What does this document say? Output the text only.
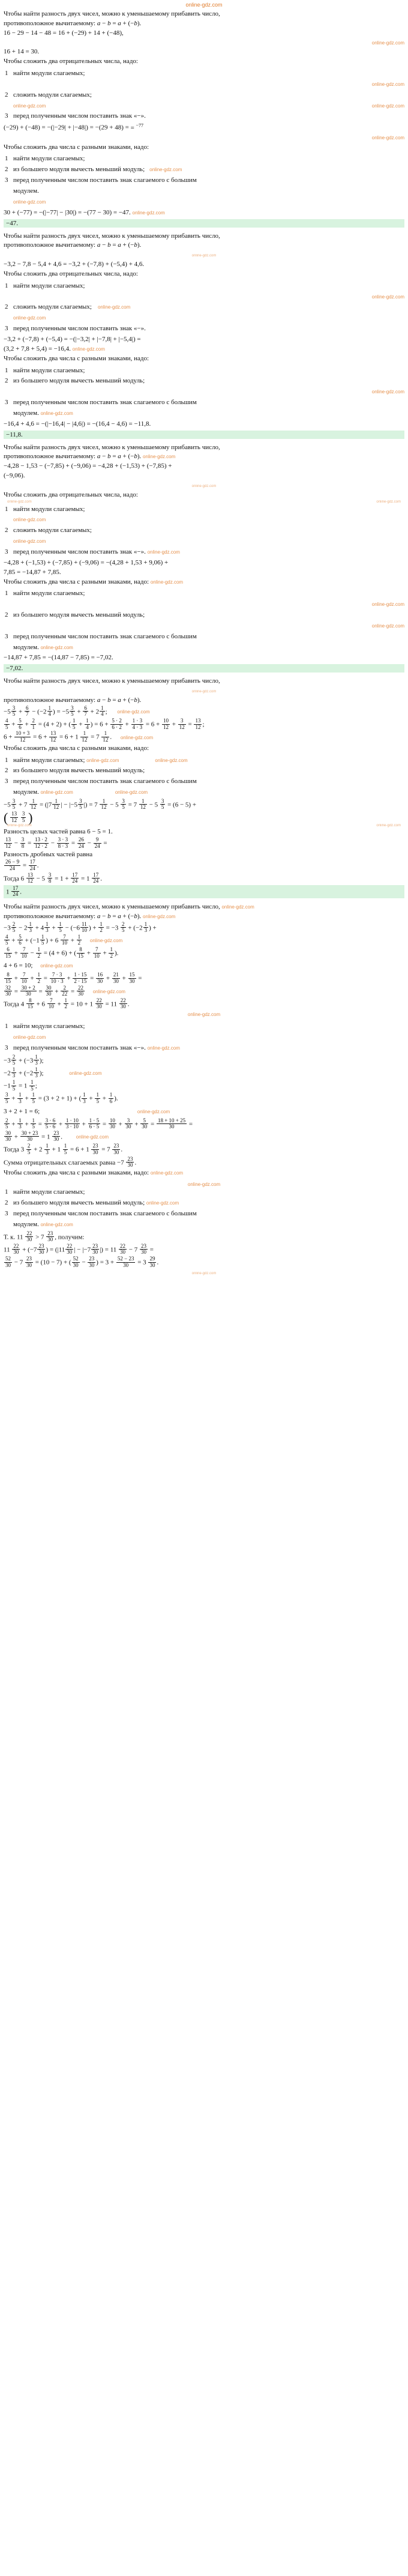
online-gdz.com

Чтобы найти разность двух чисел, можно к уменьшаемому прибавить число,

противоположное вычитаемому: a − b = a + (−b).

16 − 29 − 14 − 48 = 16 + (−29) + 14 + (−48),

online-gdz.com

16 + 14 = 30.

Чтобы сложить два отрицательных числа, надо:

1 найти модули слагаемых;
online-gdz.com
2 сложить модули слагаемых;
online-gdz.com	online-gdz.com
3 перед полученным числом поставить знак «−».

(−29) + (−48) = −(|−29| + |−48|) = −(29 + 48) = = $^{-77}$

online-gdz.com

Чтобы сложить два числа с разными знаками, надо:

1 найти модули слагаемых;
2 из большего модуля вычесть меньший модуль; online-gdz.com
3 перед полученным числом поставить знак слагаемого с большим
модулем.
online-gdz.com

30 + (−77) = −(|−77| − |30|) = −(77 − 30) = −47. online-gdz.com

−47.

Чтобы найти разность двух чисел, можно к уменьшаемому прибавить число,

противоположное вычитаемому: a − b = a + (−b).

online-gdz.com

−3,2 − 7,8 − 5,4 + 4,6 = −3,2 + (−7,8) + (−5,4) + 4,6.

Чтобы сложить два отрицательных числа, надо:

1 найти модули слагаемых;
online-gdz.com
2 сложить модули слагаемых; online-gdz.com
online-gdz.com
3 перед полученным числом поставить знак «−».

−3,2 + (−7,8) + (−5,4) = −(|−3,2| + |−7,8| + |−5,4|) =

(3,2 + 7,8 + 5,4) = −16,4. online-gdz.com

Чтобы сложить два числа с разными знаками, надо:

1 найти модули слагаемых;
2 из большего модуля вычесть меньший модуль;
online-gdz.com
3 перед полученным числом поставить знак слагаемого с большим
модулем. online-gdz.com

−16,4 + 4,6 = −(|−16,4| − |4,6|) = −(16,4 − 4,6) = −11,8.

−11,8.

Чтобы найти разность двух чисел, можно к уменьшаемому прибавить число,

противоположное вычитаемому: a − b = a + (−b). online-gdz.com

−4,28 − 1,53 − (−7,85) + (−9,06) = −4,28 + (−1,53) + (−7,85) +

(−9,06).

online-gdz.com

Чтобы сложить два отрицательных числа, надо:

online-gdz.com	online-gdz.com
1 найти модули слагаемых;
online-gdz.com
2 сложить модули слагаемых;
online-gdz.com
3 перед полученным числом поставить знак «−». online-gdz.com

−4,28 + (−1,53) + (−7,85) + (−9,06) = −(4,28 + 1,53 + 9,06) +

7,85 = −14,87 + 7,85.

Чтобы сложить два числа с разными знаками, надо: online-gdz.com

1 найти модули слагаемых;
online-gdz.com
2 из большего модуля вычесть меньший модуль;
online-gdz.com
3 перед полученным числом поставить знак слагаемого с большим
модулем. online-gdz.com

−14,87 + 7,85 = −(14,87 − 7,85) = −7,02.

−7,02.

Чтобы найти разность двух чисел, можно к уменьшаемому прибавить число,

online-gdz.com

противоположное вычитаемому: a − b = a + (−b).

$-5 \frac{3}{5} + \frac{6}{7} - (-2 \frac{1}{4}$ ) = $-5 \frac{3}{5} + \frac{6}{7} + 2 \frac{1}{4}$ ; online-gdz.com
$\frac{4}{5} + \frac{5}{6} + \frac{2}{1} = (4 + 2)$ + ( $\frac{1}{5} + \frac{1}{4}$ ) = $6 + \frac{5 \cdot 2}{6 \cdot 2} + \frac{1 \cdot 3}{4 \cdot 3} = 6 + \frac{10}{12} + \frac{3}{12} = \frac{13}{12}$ ;
$6 + \frac{10 + 3}{12} = 6 + \frac{13}{12} = 6 + 1 \frac{1}{12} = 7 \frac{1}{12}$ . online-gdz.com

Чтобы сложить два числа с разными знаками, надо:

1 найти модули слагаемых; online-gdz.com	online-gdz.com
2 из большего модуля вычесть меньший модуль;
3 перед полученным числом поставить знак слагаемого с большим
модулем. online-gdz.com	online-gdz.com
$-5 \frac{3}{5} + 7 \frac{1}{12} = (|7 \frac{1}{12}$ | − $|-5 \frac{3}{5}$ |) = $7 \frac{1}{12} - 5 \frac{3}{5} = 7 \frac{1}{12} - 5 \frac{3}{5} = (6 - 5)$ +
( $\frac{13}{12}$
$\frac{3}{5}$ )
online-gdz.com	online-gdz.com

Разность целых частей равна 6 − 5 = 1.

$\frac{13}{12} - \frac{3}{8} = \frac{13 \cdot 2}{12 \cdot 2} - \frac{3 \cdot 3}{8 \cdot 3} = \frac{26}{24} - \frac{9}{24}$ =

Разность дробных частей равна

$\frac{26 - 9}{24} = \frac{17}{24}$ .
Тогда $6 \frac{13}{12} - 5 \frac{3}{8} = 1 + \frac{17}{24} = 1 \frac{17}{24}$ .
$1 \frac{17}{24}$ .

Чтобы найти разность двух чисел, можно к уменьшаемому прибавить число, online-gdz.com

противоположное вычитаемому: a − b = a + (−b). online-gdz.com

$-3 \frac{2}{5} - 2 \frac{1}{3} + 4 \frac{1}{3} + \frac{1}{5} - (-6 \frac{11}{10}$ ) + $\frac{1}{2} = -3 \frac{2}{5} + (-2 \frac{1}{3}$ ) +
$\frac{4}{5} + \frac{5}{6} + (-1 \frac{1}{5}$ ) + $6 \frac{7}{10} + \frac{1}{2}$ online-gdz.com
$\frac{6}{15} + \frac{7}{10} - \frac{1}{2} = (4 + 6)$ + ( $\frac{8}{15} + \frac{7}{10} + \frac{1}{2}$ ).
4 + 6 = 10; online-gdz.com
$\frac{8}{15} + \frac{7}{10} + \frac{1}{2} = \frac{7 \cdot 3}{10 \cdot 3} + \frac{1 \cdot 15}{2 \cdot 15} = \frac{16}{30} + \frac{21}{30} + \frac{15}{30}$ =
$\frac{32}{30} = \frac{30 + 2}{30} = \frac{30}{30} + \frac{2}{22} = \frac{22}{30}$ online-gdz.com
Тогда $4 \frac{8}{15} + 6 \frac{7}{10} + \frac{1}{2} = 10 + 1 \frac{22}{30} = 11 \frac{22}{30}$ .
online-gdz.com
1 найти модули слагаемых;
online-gdz.com
3 перед полученным числом поставить знак «−». online-gdz.com
$-3 \frac{2}{5} + (-3 \frac{1}{3}$ );
$-2 \frac{1}{3} + (-2 \frac{1}{3}$ );	online-gdz.com
$-1 \frac{1}{5} = 1 \frac{1}{5}$ ;
$\frac{3}{5} + \frac{1}{3} + \frac{1}{5} = (3 + 2 + 1)$ + ( $\frac{1}{3} + \frac{1}{5} + \frac{1}{6}$ ).
3 + 2 + 1 = 6;	online-gdz.com
$\frac{2}{5} + \frac{1}{3} + \frac{1}{5} = \frac{3 \cdot 6}{5 \cdot 6} + \frac{1 \cdot 10}{3 \cdot 10} + \frac{1 \cdot 5}{6 \cdot 5} = \frac{10}{30} + \frac{3}{30} + \frac{5}{30} = \frac{18 + 10 + 25}{30}$ =
$\frac{30}{30} + \frac{30 + 23}{30} = 1 \frac{23}{30}$ .	online-gdz.com
Тогда $3 \frac{2}{5} + 2 \frac{1}{3} + 1 \frac{1}{5} = 6 + 1 \frac{23}{30} = 7 \frac{23}{30}$ .

Сумма отрицательных слагаемых равна $-7 \frac{23}{30}$ .

Чтобы сложить два числа с разными знаками, надо: online-gdz.com

online-gdz.com
1 найти модули слагаемых;
2 из большего модуля вычесть меньший модуль; online-gdz.com
3 перед полученным числом поставить знак слагаемого с большим
модулем. online-gdz.com
Т. к. $11 \frac{22}{30} > 7 \frac{23}{30}$ , получим:
$11 \frac{22}{30} + (-7 \frac{23}{30}$ ) = ($|11 \frac{22}{30}$ | − $|-7 \frac{23}{30}$ |) = $11 \frac{22}{30} - 7 \frac{23}{30}$ =
$\frac{52}{30} - 7 \frac{23}{30} = (10 - 7)$ + ( $\frac{52}{30} - \frac{23}{30}$ ) = $3 + \frac{52 - 23}{30} = 3 \frac{29}{30}$ .
online-gdz.com
